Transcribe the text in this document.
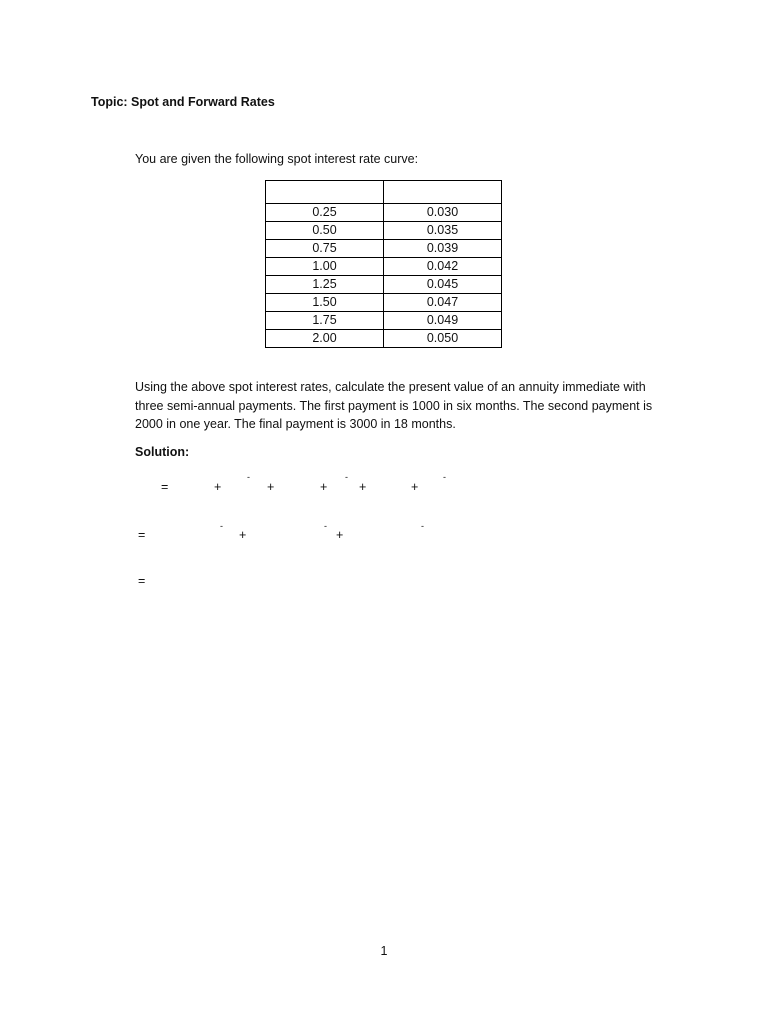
Topic: Spot and Forward Rates
You are given the following spot interest rate curve:

0.25	0.030
0.50	0.035
0.75	0.039
1.00	0.042
1.25	0.045
1.50	0.047
1.75	0.049
2.00	0.050
Using the above spot interest rates, calculate the present value of an annuity immediate with
three semi-annual payments. The first payment is 1000 in six months. The second payment is
2000 in one year. The final payment is 3000 in 18 months.
Solution:
=	+
-
+	+
-
+	+
-
=
-
+
-
+
-
=
1
